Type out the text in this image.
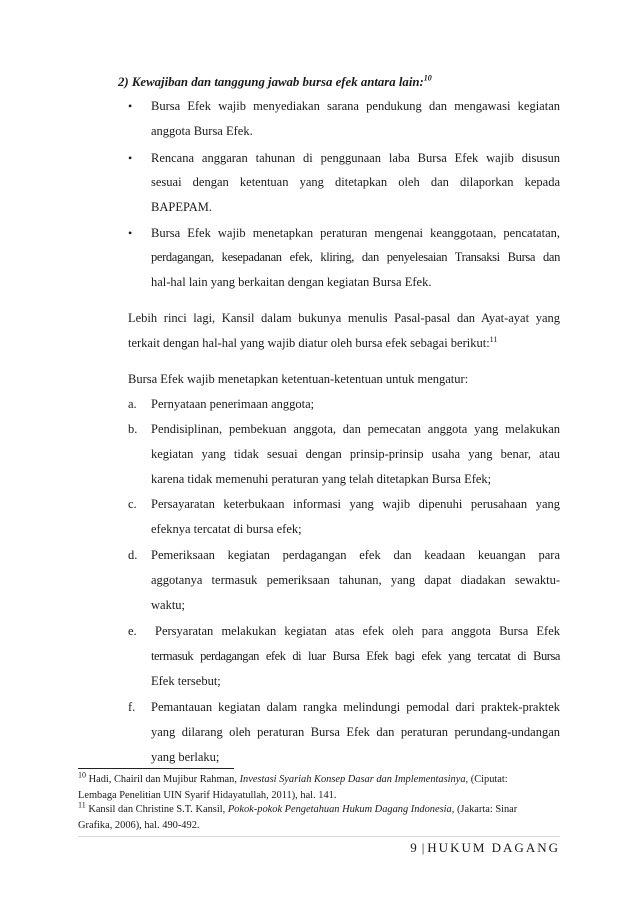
2) Kewajiban dan tanggung jawab bursa efek antara lain:$^{10}$

• Bursa Efek wajib menyediakan sarana pendukung dan mengawasi kegiatan

anggota Bursa Efek.

• Rencana anggaran tahunan di penggunaan laba Bursa Efek wajib disusun

sesuai dengan ketentuan yang ditetapkan oleh dan dilaporkan kepada

BAPEPAM.

• Bursa Efek wajib menetapkan peraturan mengenai keanggotaan, pencatatan,

perdagangan, kesepadanan efek, kliring, dan penyelesaian Transaksi Bursa dan

hal-hal lain yang berkaitan dengan kegiatan Bursa Efek.

Lebih rinci lagi, Kansil dalam bukunya menulis Pasal-pasal dan Ayat-ayat yang

terkait dengan hal-hal yang wajib diatur oleh bursa efek sebagai berikut:$^{11}$

Bursa Efek wajib menetapkan ketentuan-ketentuan untuk mengatur:

a. Pernyataan penerimaan anggota;

b. Pendisiplinan, pembekuan anggota, dan pemecatan anggota yang melakukan

kegiatan yang tidak sesuai dengan prinsip-prinsip usaha yang benar, atau

karena tidak memenuhi peraturan yang telah ditetapkan Bursa Efek;

c. Persayaratan keterbukaan informasi yang wajib dipenuhi perusahaan yang

efeknya tercatat di bursa efek;

d. Pemeriksaan kegiatan perdagangan efek dan keadaan keuangan para

aggotanya termasuk pemeriksaan tahunan, yang dapat diadakan sewaktu-

waktu;

e. Persyaratan melakukan kegiatan atas efek oleh para anggota Bursa Efek

termasuk perdagangan efek di luar Bursa Efek bagi efek yang tercatat di Bursa

Efek tersebut;

f. Pemantauan kegiatan dalam rangka melindungi pemodal dari praktek-praktek

yang dilarang oleh peraturan Bursa Efek dan peraturan perundang-undangan

yang berlaku;

$^{10}$ Hadi, Chairil dan Mujibur Rahman, Investasi Syariah Konsep Dasar dan Implementasinya, (Ciputat:
Lembaga Penelitian UIN Syarif Hidayatullah, 2011), hal. 141.

$^{11}$ Kansil dan Christine S.T. Kansil, Pokok-pokok Pengetahuan Hukum Dagang Indonesia, (Jakarta: Sinar
Grafika, 2006), hal. 490-492.

9 | HUKUM DAGANG
